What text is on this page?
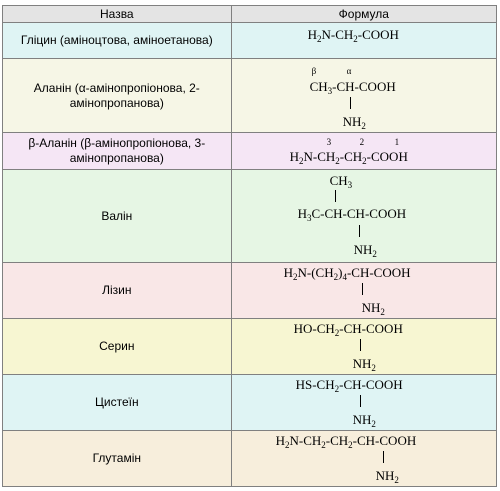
Назва	Формула
Гліцин (аміноцтова, аміноетанова)	$H_2N-CH_2$-COOH

Аланін (α-амінопропіонова, 2-амінопропанова)	β α
$CH_3-CH$-COOH
$NH_2$

β-Аланін (β-амінопропіонова, 3-амінопропанова)	3 2 1
$H_2N-CH_2-CH_2$-COOH

Валін	$CH_3$
$H_3C-CH-CH$-COOH
$NH_2$

Лізин	$H_2N-(CH_2)_4-CH$-COOH
$NH_2$

Серин	$HO-CH_2-CH$-COOH
$NH_2$

Цистеїн	$HS-CH_2-CH$-COOH
$NH_2$

Глутамін	$H_2N-CH_2-CH_2-CH$-COOH
$NH_2$
